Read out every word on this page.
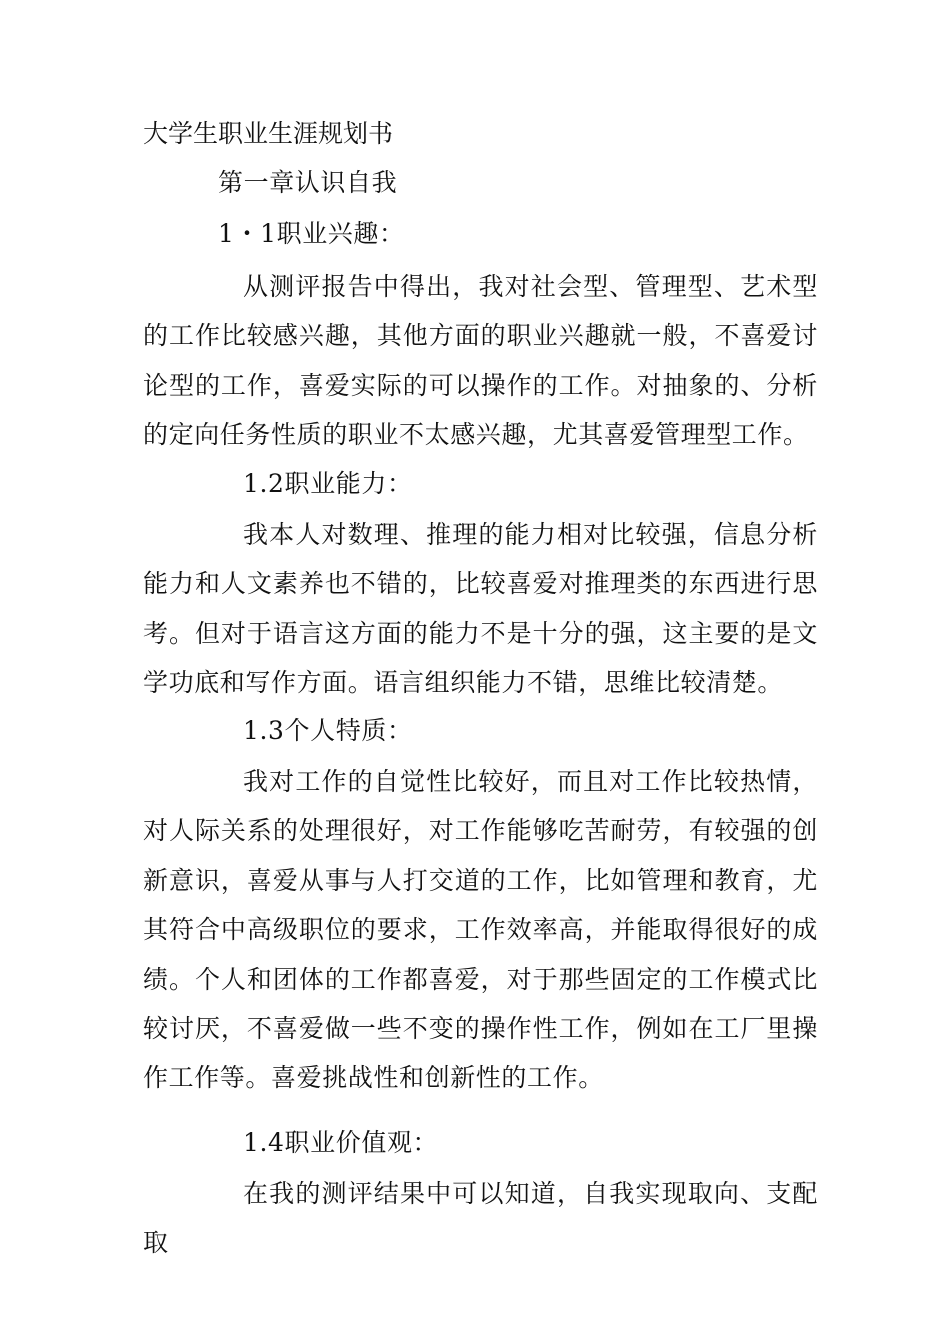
大学生职业生涯规划书
第一章认识自我
1・1职业兴趣：
从测评报告中得出，我对社会型、管理型、艺术型的工作比较感兴趣，其他方面的职业兴趣就一般，不喜爱讨论型的工作，喜爱实际的可以操作的工作。对抽象的、分析的定向任务性质的职业不太感兴趣，尤其喜爱管理型工作。
1.2职业能力：
我本人对数理、推理的能力相对比较强，信息分析能力和人文素养也不错的，比较喜爱对推理类的东西进行思考。但对于语言这方面的能力不是十分的强，这主要的是文学功底和写作方面。语言组织能力不错，思维比较清楚。
1.3个人特质：
我对工作的自觉性比较好，而且对工作比较热情，对人际关系的处理很好，对工作能够吃苦耐劳，有较强的创新意识，喜爱从事与人打交道的工作，比如管理和教育，尤其符合中高级职位的要求，工作效率高，并能取得很好的成绩。个人和团体的工作都喜爱，对于那些固定的工作模式比较讨厌，不喜爱做一些不变的操作性工作，例如在工厂里操作工作等。喜爱挑战性和创新性的工作。
1.4职业价值观：
在我的测评结果中可以知道，自我实现取向、支配取
